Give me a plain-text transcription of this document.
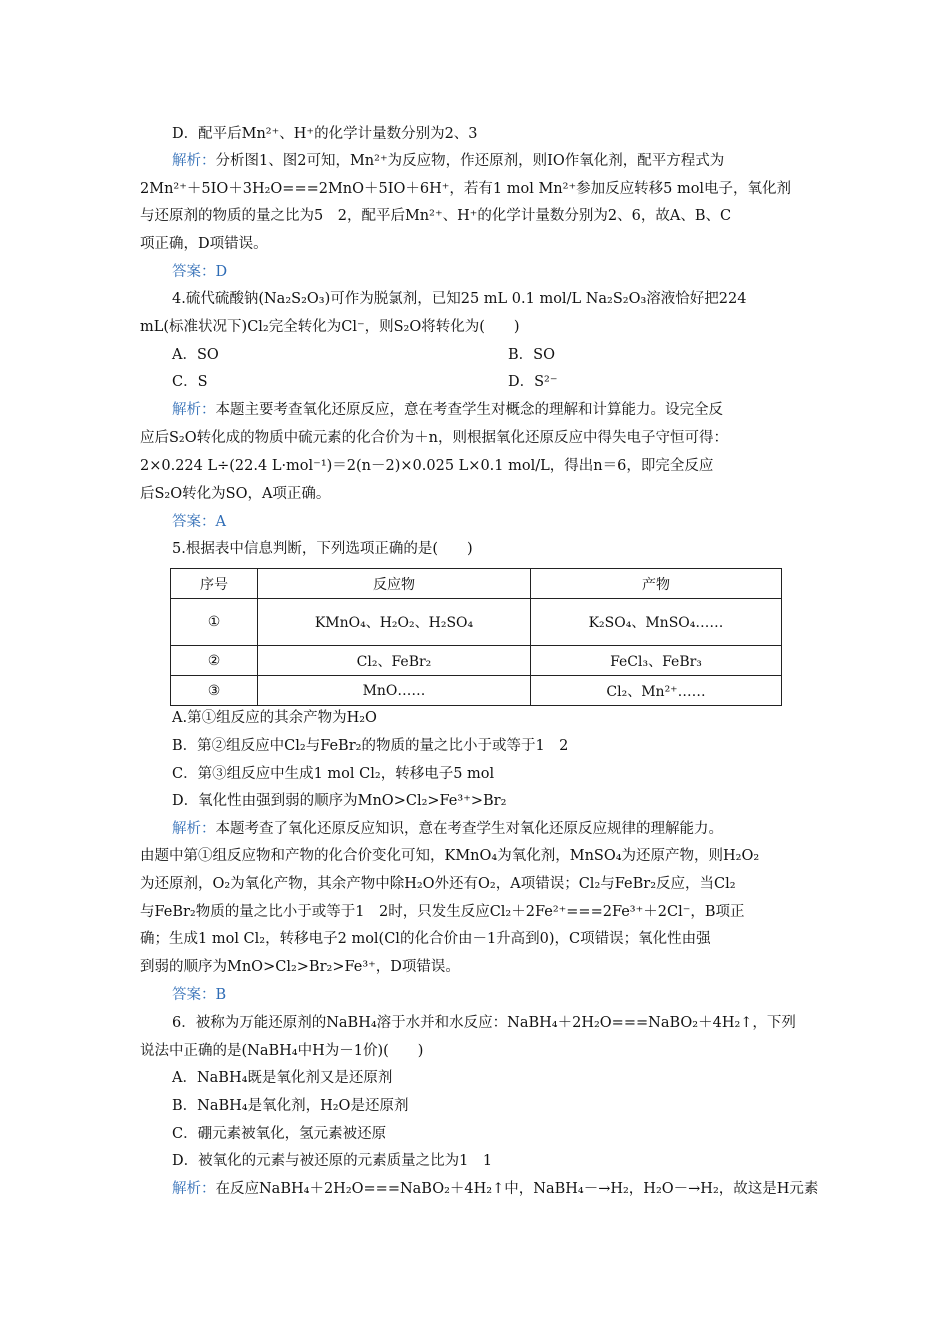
D．配平后Mn²⁺、H⁺的化学计量数分别为2、3
解析：分析图1、图2可知，Mn²⁺为反应物，作还原剂，则IO作氧化剂，配平方程式为
2Mn²⁺＋5IO＋3H₂O===2MnO＋5IO＋6H⁺，若有1 mol Mn²⁺参加反应转移5 mol电子，氧化剂
与还原剂的物质的量之比为5　2，配平后Mn²⁺、H⁺的化学计量数分别为2、6，故A、B、C
项正确，D项错误。
答案：D
4.硫代硫酸钠(Na₂S₂O₃)可作为脱氯剂，已知25 mL 0.1 mol/L Na₂S₂O₃溶液恰好把224
mL(标准状况下)Cl₂完全转化为Cl⁻，则S₂O将转化为(　　)
A．SO	B．SO
C．S	D．S²⁻
解析：本题主要考查氧化还原反应，意在考查学生对概念的理解和计算能力。设完全反
应后S₂O转化成的物质中硫元素的化合价为＋n，则根据氧化还原反应中得失电子守恒可得：
2×0.224 L÷(22.4 L·mol⁻¹)＝2(n－2)×0.025 L×0.1 mol/L，得出n＝6，即完全反应
后S₂O转化为SO，A项正确。
答案：A
5.根据表中信息判断，下列选项正确的是(　　)
序号	反应物	产物
①	KMnO₄、H₂O₂、H₂SO₄	K₂SO₄、MnSO₄……
②	Cl₂、FeBr₂	FeCl₃、FeBr₃
③	MnO……	Cl₂、Mn²⁺……
A.第①组反应的其余产物为H₂O
B．第②组反应中Cl₂与FeBr₂的物质的量之比小于或等于1　2
C．第③组反应中生成1 mol Cl₂，转移电子5 mol
D．氧化性由强到弱的顺序为MnO>Cl₂>Fe³⁺>Br₂
解析：本题考查了氧化还原反应知识，意在考查学生对氧化还原反应规律的理解能力。
由题中第①组反应物和产物的化合价变化可知，KMnO₄为氧化剂，MnSO₄为还原产物，则H₂O₂
为还原剂，O₂为氧化产物，其余产物中除H₂O外还有O₂，A项错误；Cl₂与FeBr₂反应，当Cl₂
与FeBr₂物质的量之比小于或等于1　2时，只发生反应Cl₂＋2Fe²⁺===2Fe³⁺＋2Cl⁻，B项正
确；生成1 mol Cl₂，转移电子2 mol(Cl的化合价由－1升高到0)，C项错误；氧化性由强
到弱的顺序为MnO>Cl₂>Br₂>Fe³⁺，D项错误。
答案：B
6．被称为万能还原剂的NaBH₄溶于水并和水反应：NaBH₄＋2H₂O===NaBO₂＋4H₂↑，下列
说法中正确的是(NaBH₄中H为－1价)(　　)
A．NaBH₄既是氧化剂又是还原剂
B．NaBH₄是氧化剂，H₂O是还原剂
C．硼元素被氧化，氢元素被还原
D．被氧化的元素与被还原的元素质量之比为1　1
解析：在反应NaBH₄＋2H₂O===NaBO₂＋4H₂↑中，NaBH₄－→H₂，H₂O－→H₂，故这是H元素
